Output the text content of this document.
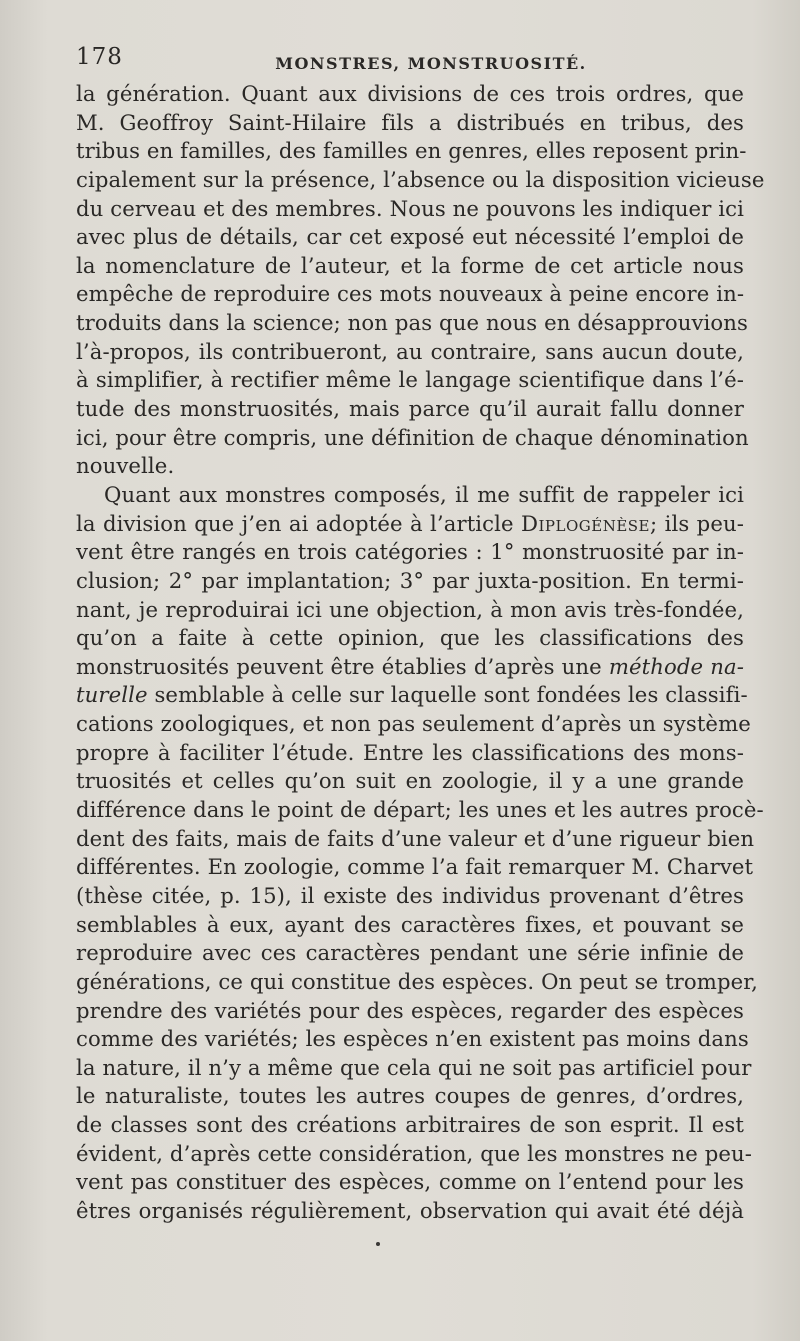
178	MONSTRES, MONSTRUOSITÉ.
la génération. Quant aux divisions de ces trois ordres, que
M. Geoffroy Saint-Hilaire fils a distribués en tribus, des
tribus en familles, des familles en genres, elles reposent prin-
cipalement sur la présence, l’absence ou la disposition vicieuse
du cerveau et des membres. Nous ne pouvons les indiquer ici
avec plus de détails, car cet exposé eut nécessité l’emploi de
la nomenclature de l’auteur, et la forme de cet article nous
empêche de reproduire ces mots nouveaux à peine encore in-
troduits dans la science; non pas que nous en désapprouvions
l’à-propos, ils contribueront, au contraire, sans aucun doute,
à simplifier, à rectifier même le langage scientifique dans l’é-
tude des monstruosités, mais parce qu’il aurait fallu donner
ici, pour être compris, une définition de chaque dénomination
nouvelle.
Quant aux monstres composés, il me suffit de rappeler ici
la division que j’en ai adoptée à l’article Diplogénèse; ils peu-
vent être rangés en trois catégories : 1° monstruosité par in-
clusion; 2° par implantation; 3° par juxta-position. En termi-
nant, je reproduirai ici une objection, à mon avis très-fondée,
qu’on a faite à cette opinion, que les classifications des
monstruosités peuvent être établies d’après une méthode na-
turelle semblable à celle sur laquelle sont fondées les classifi-
cations zoologiques, et non pas seulement d’après un système
propre à faciliter l’étude. Entre les classifications des mons-
truosités et celles qu’on suit en zoologie, il y a une grande
différence dans le point de départ; les unes et les autres procè-
dent des faits, mais de faits d’une valeur et d’une rigueur bien
différentes. En zoologie, comme l’a fait remarquer M. Charvet
(thèse citée, p. 15), il existe des individus provenant d’êtres
semblables à eux, ayant des caractères fixes, et pouvant se
reproduire avec ces caractères pendant une série infinie de
générations, ce qui constitue des espèces. On peut se tromper,
prendre des variétés pour des espèces, regarder des espèces
comme des variétés; les espèces n’en existent pas moins dans
la nature, il n’y a même que cela qui ne soit pas artificiel pour
le naturaliste, toutes les autres coupes de genres, d’ordres,
de classes sont des créations arbitraires de son esprit. Il est
évident, d’après cette considération, que les monstres ne peu-
vent pas constituer des espèces, comme on l’entend pour les
êtres organisés régulièrement, observation qui avait été déjà
